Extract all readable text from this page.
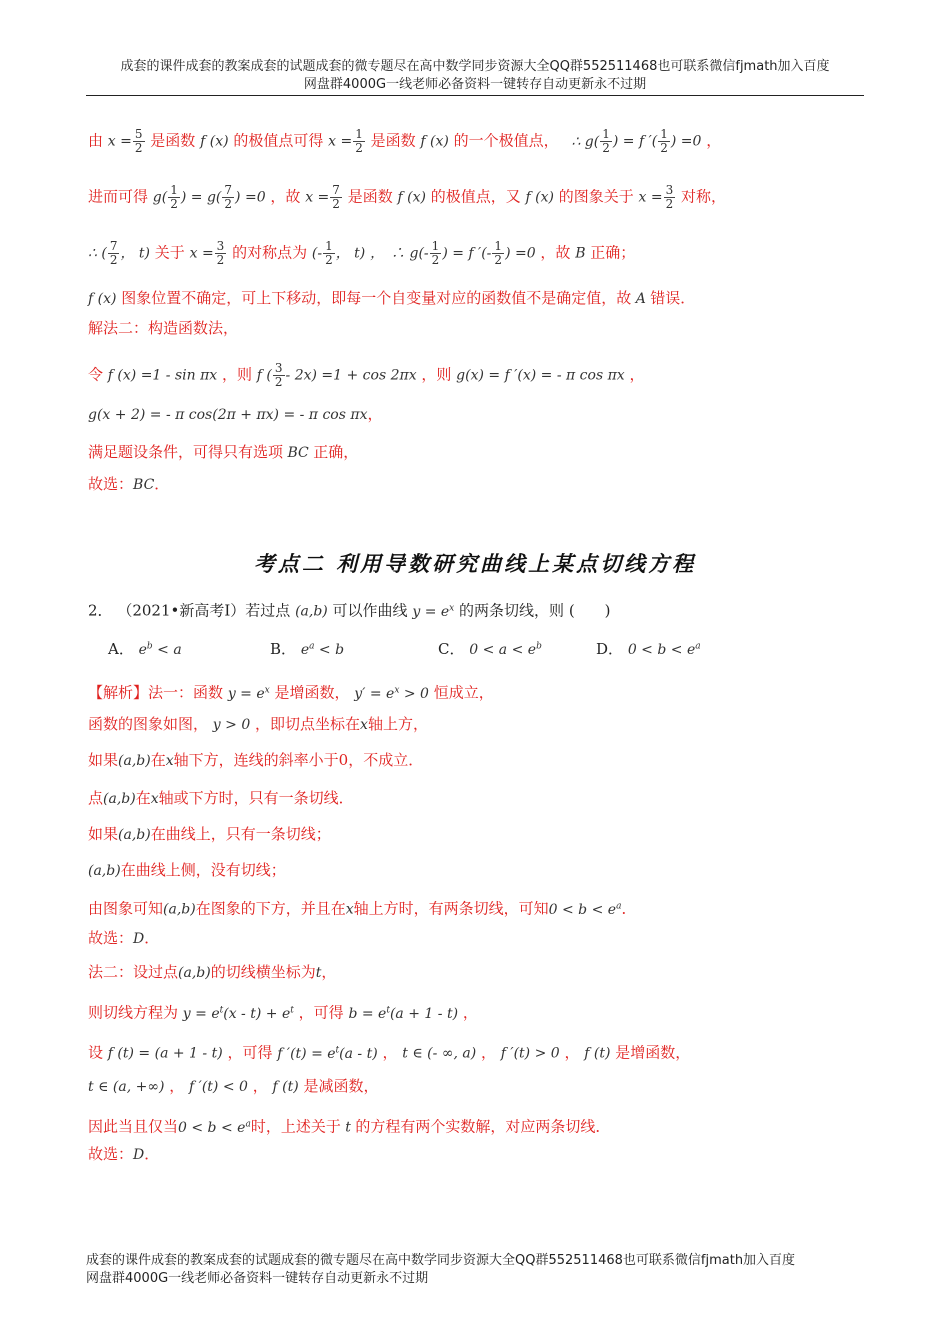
成套的课件成套的教案成套的试题成套的微专题尽在高中数学同步资源大全QQ群552511468也可联系微信fjmath加入百度
网盘群4000G一线老师必备资料一键转存自动更新永不过期
由 $x = \frac{5}{2}$ 是函数 f (x) 的极值点可得 $x = \frac{1}{2}$ 是函数 f (x) 的一个极值点， ∴ $g( \frac{1}{2}$ ) = f ′( $\frac{1}{2}$ ) =0 ，
进而可得 $g( \frac{1}{2}$ ) = $g( \frac{7}{2}$ ) =0 ，故 $x = \frac{7}{2}$ 是函数 f (x) 的极值点，又 f (x) 的图象关于 $x = \frac{3}{2}$ 对称，
∴ ( $\frac{7}{2}$ ， t) 关于 $x = \frac{3}{2}$ 的对称点为 (- $\frac{1}{2}$ ， t) ，　∴ $g(- \frac{1}{2}$ ) = f ′(- $\frac{1}{2}$ ) =0 ，故 B 正确；
f (x) 图象位置不确定，可上下移动，即每一个自变量对应的函数值不是确定值，故 A 错误．
解法二：构造函数法，
令 f (x) =1 - sin πx ，则 f ( $\frac{3}{2} - 2x) =1 + \cos 2\pi x$ ，则 g(x) = f ′(x) = - π cos πx ，
g(x + 2) = - π cos(2π + πx) = - π cos πx，
满足题设条件，可得只有选项 BC 正确，
故选：BC．
考点二 利用导数研究曲线上某点切线方程
2． （2021•新高考Ⅰ）若过点 (a,b) 可以作曲线 $y = e^x$ 的两条切线，则 (　　)
A． $e^b < a$	B． $e^a < b$	C． $0 < a < e^b$	D． $0 < b < e^a$
【解析】法一：函数 $y = e^x$ 是增函数， $y' = e^x > 0$ 恒成立，
函数的图象如图， y > 0 ，即切点坐标在x轴上方，
如果(a,b)在x轴下方，连线的斜率小于0，不成立．
点(a,b)在x轴或下方时，只有一条切线．
如果(a,b)在曲线上，只有一条切线；
(a,b)在曲线上侧，没有切线；
由图象可知(a,b)在图象的下方，并且在x轴上方时，有两条切线，可知$0 < b < e^a$．
故选：D．
法二：设过点(a,b)的切线横坐标为t，
则切线方程为 $y = e^t(x - t) + e^t$ ，可得 $b = e^t(a + 1 - t)$ ，
设 f (t) = (a + 1 - t) ，可得 f $'(t) = e^t(a - t)$ ， t ∈ (- ∞, a) ， f ′(t) > 0 ， f (t) 是增函数，
t ∈ (a, +∞) ， f ′(t) < 0 ， f (t) 是减函数，
因此当且仅当$0 < b < e^a$时，上述关于 t 的方程有两个实数解，对应两条切线．
故选：D．
成套的课件成套的教案成套的试题成套的微专题尽在高中数学同步资源大全QQ群552511468也可联系微信fjmath加入百度
网盘群4000G一线老师必备资料一键转存自动更新永不过期
